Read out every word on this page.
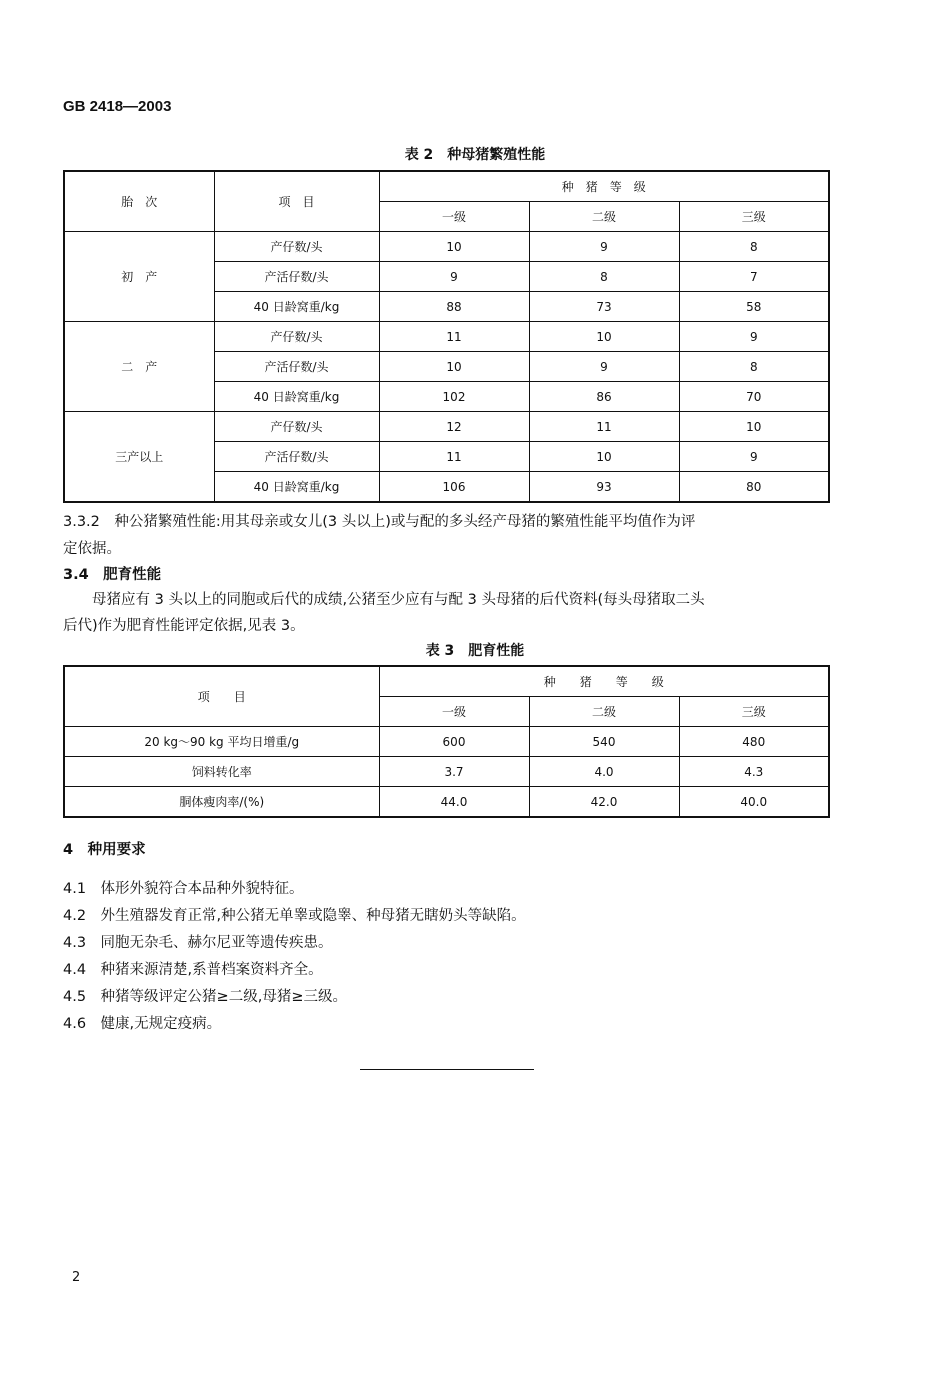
GB 2418—2003
表 2　种母猪繁殖性能
胎　次	项　目	种　猪　等　级		
		一级	二级	三级
初　产	产仔数/头	10	9	8
	产活仔数/头	9	8	7
	40 日龄窝重/kg	88	73	58
二　产	产仔数/头	11	10	9
	产活仔数/头	10	9	8
	40 日龄窝重/kg	102	86	70
三产以上	产仔数/头	12	11	10
	产活仔数/头	11	10	9
	40 日龄窝重/kg	106	93	80
3.3.2　种公猪繁殖性能:用其母亲或女儿(3 头以上)或与配的多头经产母猪的繁殖性能平均值作为评
定依据。
3.4　肥育性能
　　母猪应有 3 头以上的同胞或后代的成绩,公猪至少应有与配 3 头母猪的后代资料(每头母猪取二头
后代)作为肥育性能评定依据,见表 3。
表 3　肥育性能
项　　目	种　　猪　　等　　级		
	一级	二级	三级
20 kg～90 kg 平均日增重/g	600	540	480
饲料转化率	3.7	4.0	4.3
胴体瘦肉率/(%)	44.0	42.0	40.0
4　种用要求
4.1　体形外貌符合本品种外貌特征。
4.2　外生殖器发育正常,种公猪无单睾或隐睾、种母猪无瞎奶头等缺陷。
4.3　同胞无杂毛、赫尔尼亚等遗传疾患。
4.4　种猪来源清楚,系普档案资料齐全。
4.5　种猪等级评定公猪≥二级,母猪≥三级。
4.6　健康,无规定疫病。
2
